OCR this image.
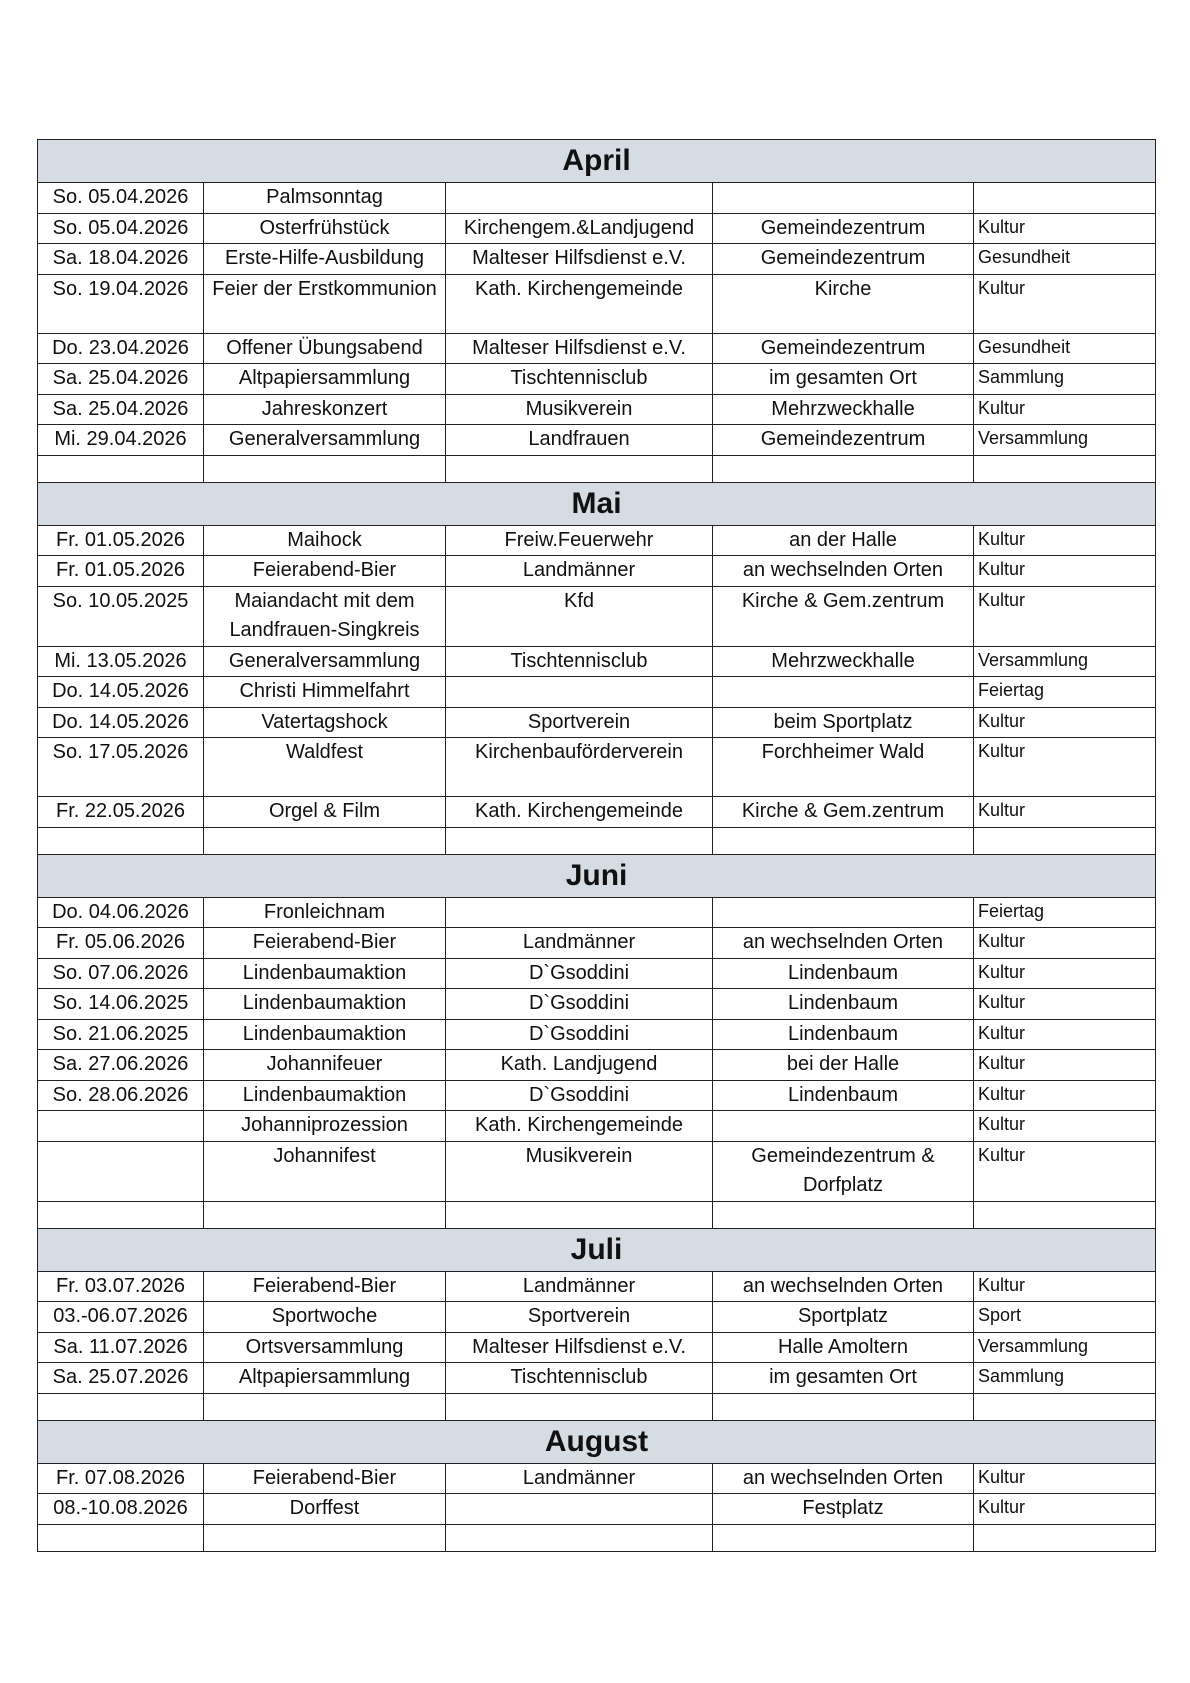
April				
So. 05.04.2026	Palmsonntag			
So. 05.04.2026	Osterfrühstück	Kirchengem.&Landjugend	Gemeindezentrum	Kultur
Sa. 18.04.2026	Erste-Hilfe-Ausbildung	Malteser Hilfsdienst e.V.	Gemeindezentrum	Gesundheit
So. 19.04.2026	Feier der Erstkommunion	Kath. Kirchengemeinde	Kirche	Kultur
Do. 23.04.2026	Offener Übungsabend	Malteser Hilfsdienst e.V.	Gemeindezentrum	Gesundheit
Sa. 25.04.2026	Altpapiersammlung	Tischtennisclub	im gesamten Ort	Sammlung
Sa. 25.04.2026	Jahreskonzert	Musikverein	Mehrzweckhalle	Kultur
Mi. 29.04.2026	Generalversammlung	Landfrauen	Gemeindezentrum	Versammlung

Mai				
Fr. 01.05.2026	Maihock	Freiw.Feuerwehr	an der Halle	Kultur
Fr. 01.05.2026	Feierabend-Bier	Landmänner	an wechselnden Orten	Kultur
So. 10.05.2025	Maiandacht mit dem Landfrauen-Singkreis	Kfd	Kirche & Gem.zentrum	Kultur
Mi. 13.05.2026	Generalversammlung	Tischtennisclub	Mehrzweckhalle	Versammlung
Do. 14.05.2026	Christi Himmelfahrt			Feiertag
Do. 14.05.2026	Vatertagshock	Sportverein	beim Sportplatz	Kultur
So. 17.05.2026	Waldfest	Kirchenbauförderverein	Forchheimer Wald	Kultur
Fr. 22.05.2026	Orgel & Film	Kath. Kirchengemeinde	Kirche & Gem.zentrum	Kultur

Juni				
Do. 04.06.2026	Fronleichnam			Feiertag
Fr. 05.06.2026	Feierabend-Bier	Landmänner	an wechselnden Orten	Kultur
So. 07.06.2026	Lindenbaumaktion	D`Gsoddini	Lindenbaum	Kultur
So. 14.06.2025	Lindenbaumaktion	D`Gsoddini	Lindenbaum	Kultur
So. 21.06.2025	Lindenbaumaktion	D`Gsoddini	Lindenbaum	Kultur
Sa. 27.06.2026	Johannifeuer	Kath. Landjugend	bei der Halle	Kultur
So. 28.06.2026	Lindenbaumaktion	D`Gsoddini	Lindenbaum	Kultur
	Johanniprozession	Kath. Kirchengemeinde		Kultur
	Johannifest	Musikverein	Gemeindezentrum & Dorfplatz	Kultur

Juli				
Fr. 03.07.2026	Feierabend-Bier	Landmänner	an wechselnden Orten	Kultur
03.-06.07.2026	Sportwoche	Sportverein	Sportplatz	Sport
Sa. 11.07.2026	Ortsversammlung	Malteser Hilfsdienst e.V.	Halle Amoltern	Versammlung
Sa. 25.07.2026	Altpapiersammlung	Tischtennisclub	im gesamten Ort	Sammlung

August				
Fr. 07.08.2026	Feierabend-Bier	Landmänner	an wechselnden Orten	Kultur
08.-10.08.2026	Dorffest		Festplatz	Kultur
